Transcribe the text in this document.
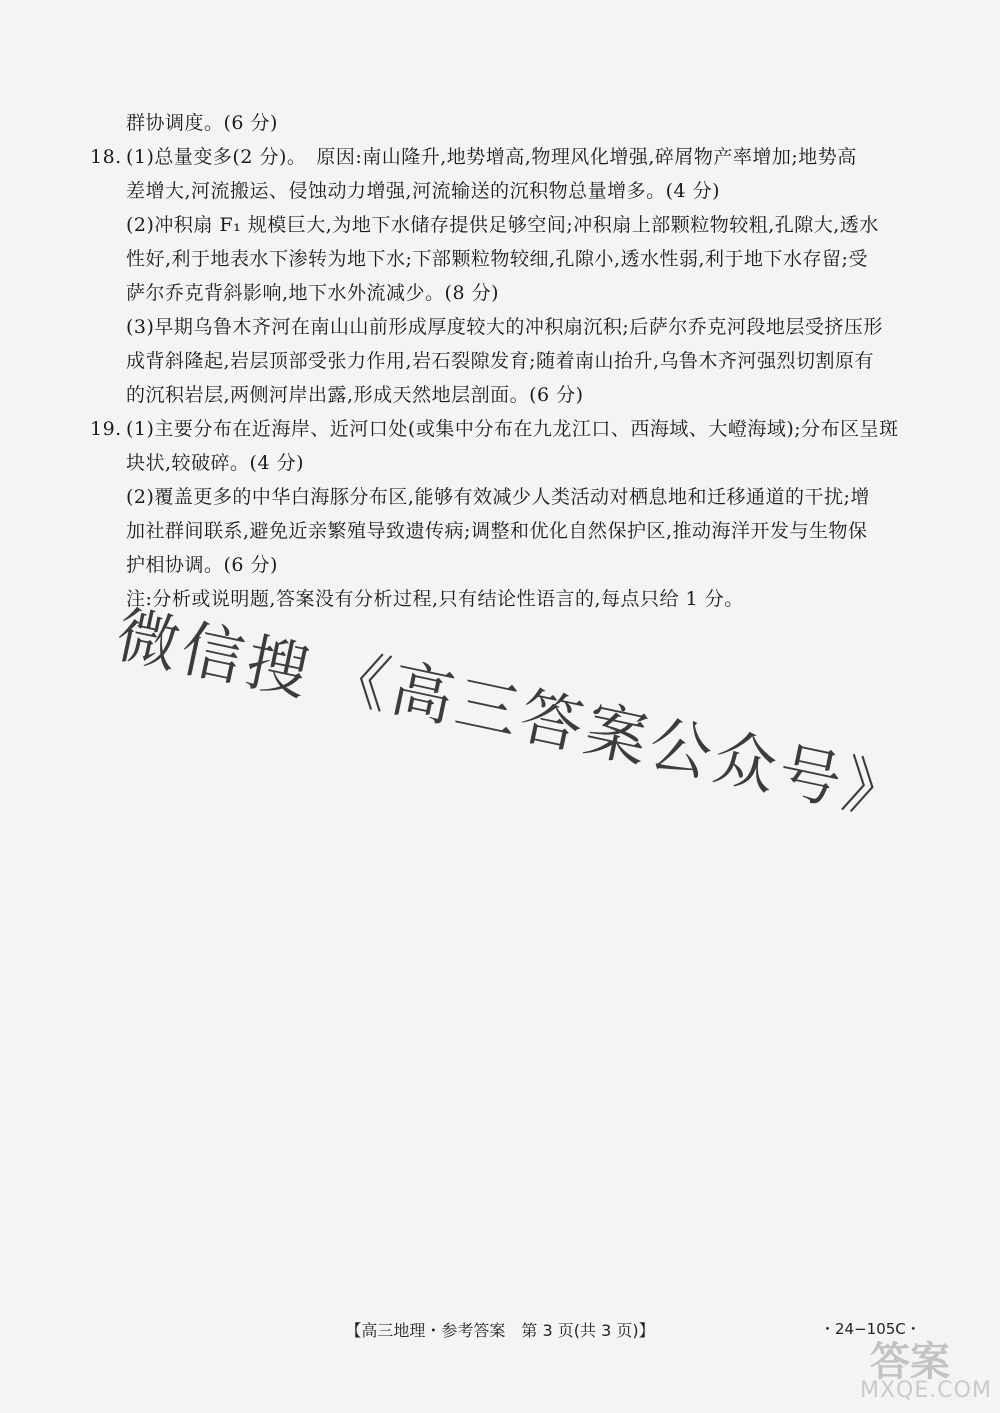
群协调度。(6 分)
18. (1)总量变多(2 分)。　原因:南山隆升,地势增高,物理风化增强,碎屑物产率增加;地势高
差增大,河流搬运、侵蚀动力增强,河流输送的沉积物总量增多。(4 分)
(2)冲积扇 F₁ 规模巨大,为地下水储存提供足够空间;冲积扇上部颗粒物较粗,孔隙大,透水
性好,利于地表水下渗转为地下水;下部颗粒物较细,孔隙小,透水性弱,利于地下水存留;受
萨尔乔克背斜影响,地下水外流减少。(8 分)
(3)早期乌鲁木齐河在南山山前形成厚度较大的冲积扇沉积;后萨尔乔克河段地层受挤压形
成背斜隆起,岩层顶部受张力作用,岩石裂隙发育;随着南山抬升,乌鲁木齐河强烈切割原有
的沉积岩层,两侧河岸出露,形成天然地层剖面。(6 分)
19. (1)主要分布在近海岸、近河口处(或集中分布在九龙江口、西海域、大嶝海域);分布区呈斑
块状,较破碎。(4 分)
(2)覆盖更多的中华白海豚分布区,能够有效减少人类活动对栖息地和迁移通道的干扰;增
加社群间联系,避免近亲繁殖导致遗传病;调整和优化自然保护区,推动海洋开发与生物保
护相协调。(6 分)
注:分析或说明题,答案没有分析过程,只有结论性语言的,每点只给 1 分。
微信搜 《高三答案公众号》
【高三地理・参考答案　第 3 页(共 3 页)】	・24−105C・
答案
MXQE.COM
